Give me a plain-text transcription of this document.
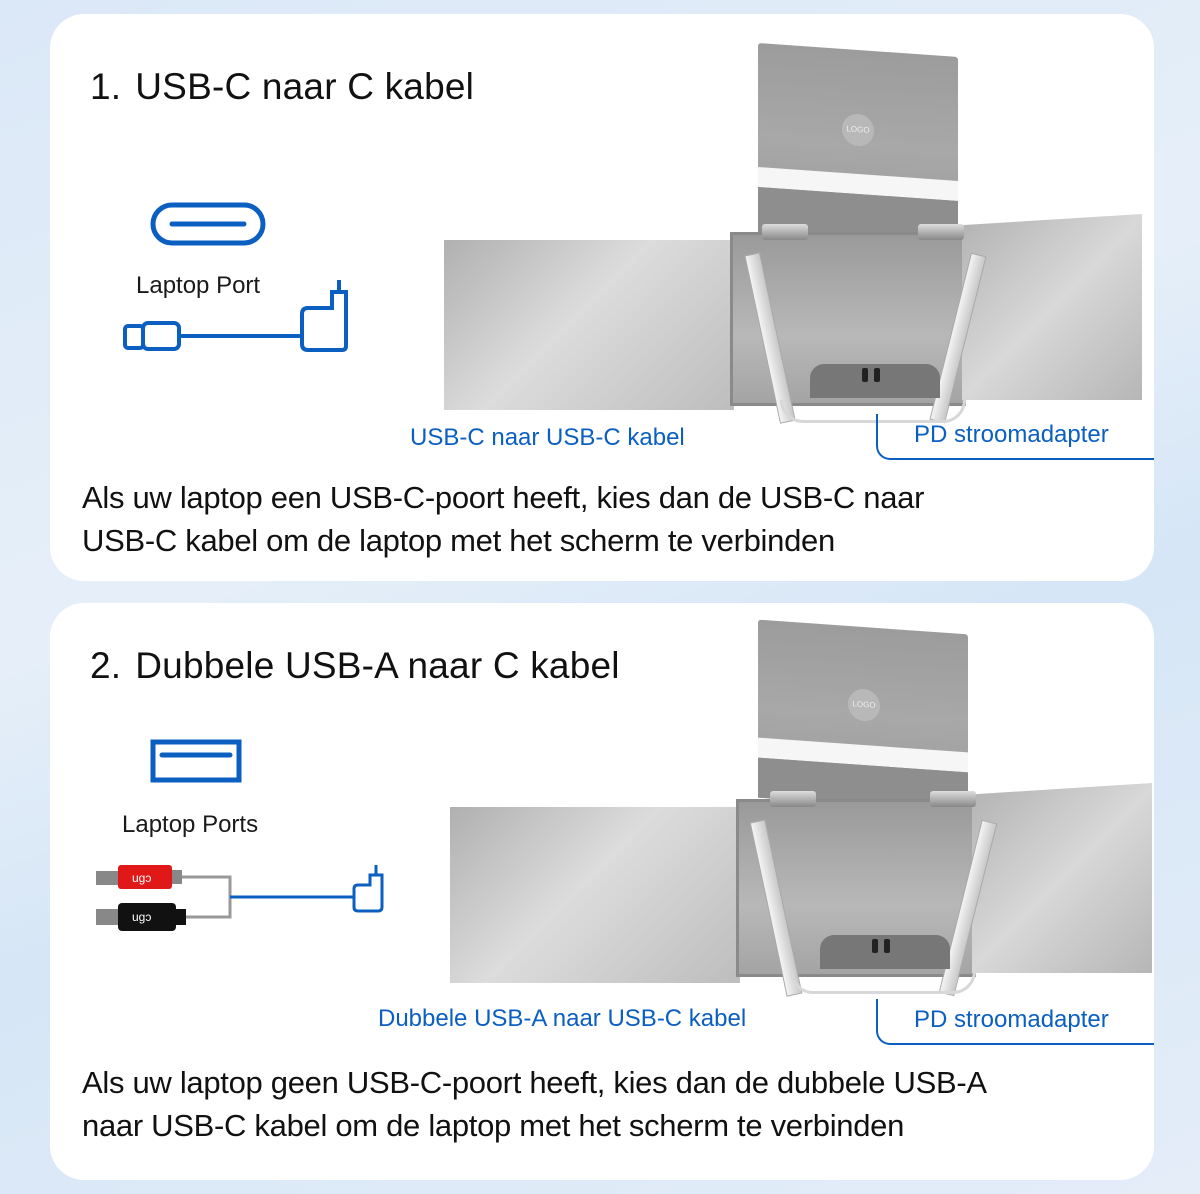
1. USB-C naar C kabel
Laptop Port
LOGO
USB-C naar USB-C kabel	PD stroomadapter
Als uw laptop een USB-C-poort heeft, kies dan de USB-C naar
USB-C kabel om de laptop met het scherm te verbinden
2. Dubbele USB-A naar C kabel
Laptop Ports
ugɔ
ugɔ
LOGO
Dubbele USB-A naar USB-C kabel	PD stroomadapter
Als uw laptop geen USB-C-poort heeft, kies dan de dubbele USB-A
naar USB-C kabel om de laptop met het scherm te verbinden
